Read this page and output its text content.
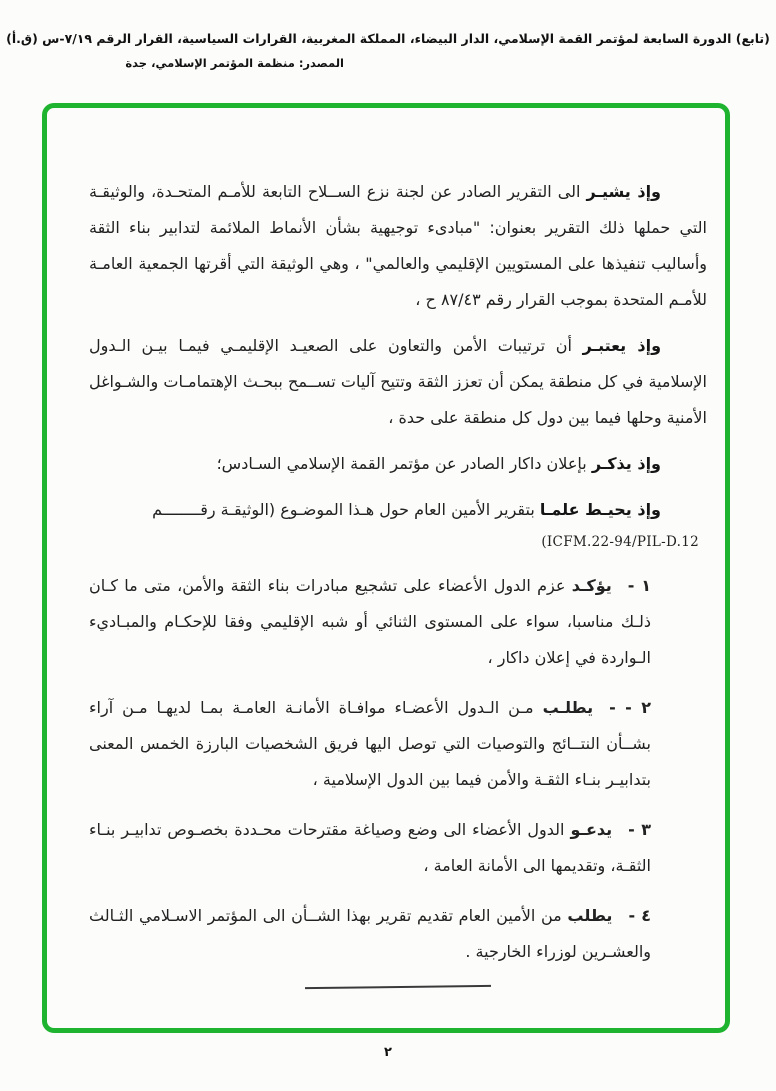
(تابع) الدورة السابعة لمؤتمر القمة الإسلامي، الدار البيضاء، المملكة المغربية، القرارات السياسية، القرار الرقم ٧/١٩-س (ق.أ)
المصدر: منظمة المؤتمر الإسلامي، جدة

وإذ يشيـر الى التقرير الصادر عن لجنة نزع الســلاح التابعة للأمـم المتحـدة، والوثيقـة التي حملها ذلك التقرير بعنوان: "مبادىء توجيهية بشأن الأنماط الملائمة لتدابير بناء الثقة وأساليب تنفيذها على المستويين الإقليمي والعالمي" ، وهي الوثيقة التي أقرتها الجمعية العامـة للأمـم المتحدة بموجب القرار رقم ٨٧/٤٣ ح ،

وإذ يعتبـر أن ترتيبات الأمن والتعاون على الصعيـد الإقليمـي فيمـا بيـن الـدول الإسلامية في كل منطقة يمكن أن تعزز الثقة وتتيح آليات تســمح ببحـث الإهتمامـات والشـواغل الأمنية وحلها فيما بين دول كل منطقة على حدة ،

وإذ يذكـر بإعلان داكار الصادر عن مؤتمر القمة الإسلامي السـادس؛

وإذ يحيـط علمـا بتقرير الأمين العام حول هـذا الموضـوع (الوثيقـة رقــــــــم

(ICFM.22-94/PIL-D.12

١ -يؤكـد عزم الدول الأعضاء على تشجيع مبادرات بناء الثقة والأمن، متى ما كـان ذلـك مناسبا، سواء على المستوى الثنائي أو شبه الإقليمي وفقا للإحكـام والمبـاديء الـواردة في إعلان داكار ،

٢ - -يطلـب مـن الـدول الأعضـاء موافـاة الأمانـة العامـة بمـا لديهـا مـن آراء بشــأن النتــائج والتوصيات التي توصل اليها فريق الشخصيات البارزة الخمس المعنى بتدابيـر بنـاء الثقـة والأمن فيما بين الدول الإسلامية ،

٣ -يدعـو الدول الأعضاء الى وضع وصياغة مقترحات محـددة بخصـوص تدابيـر بنـاء الثقـة، وتقديمها الى الأمانة العامة ،

٤ -يطلب من الأمين العام تقديم تقرير بهذا الشــأن الى المؤتمر الاسـلامي الثـالث والعشـرين لوزراء الخارجية .

٢
